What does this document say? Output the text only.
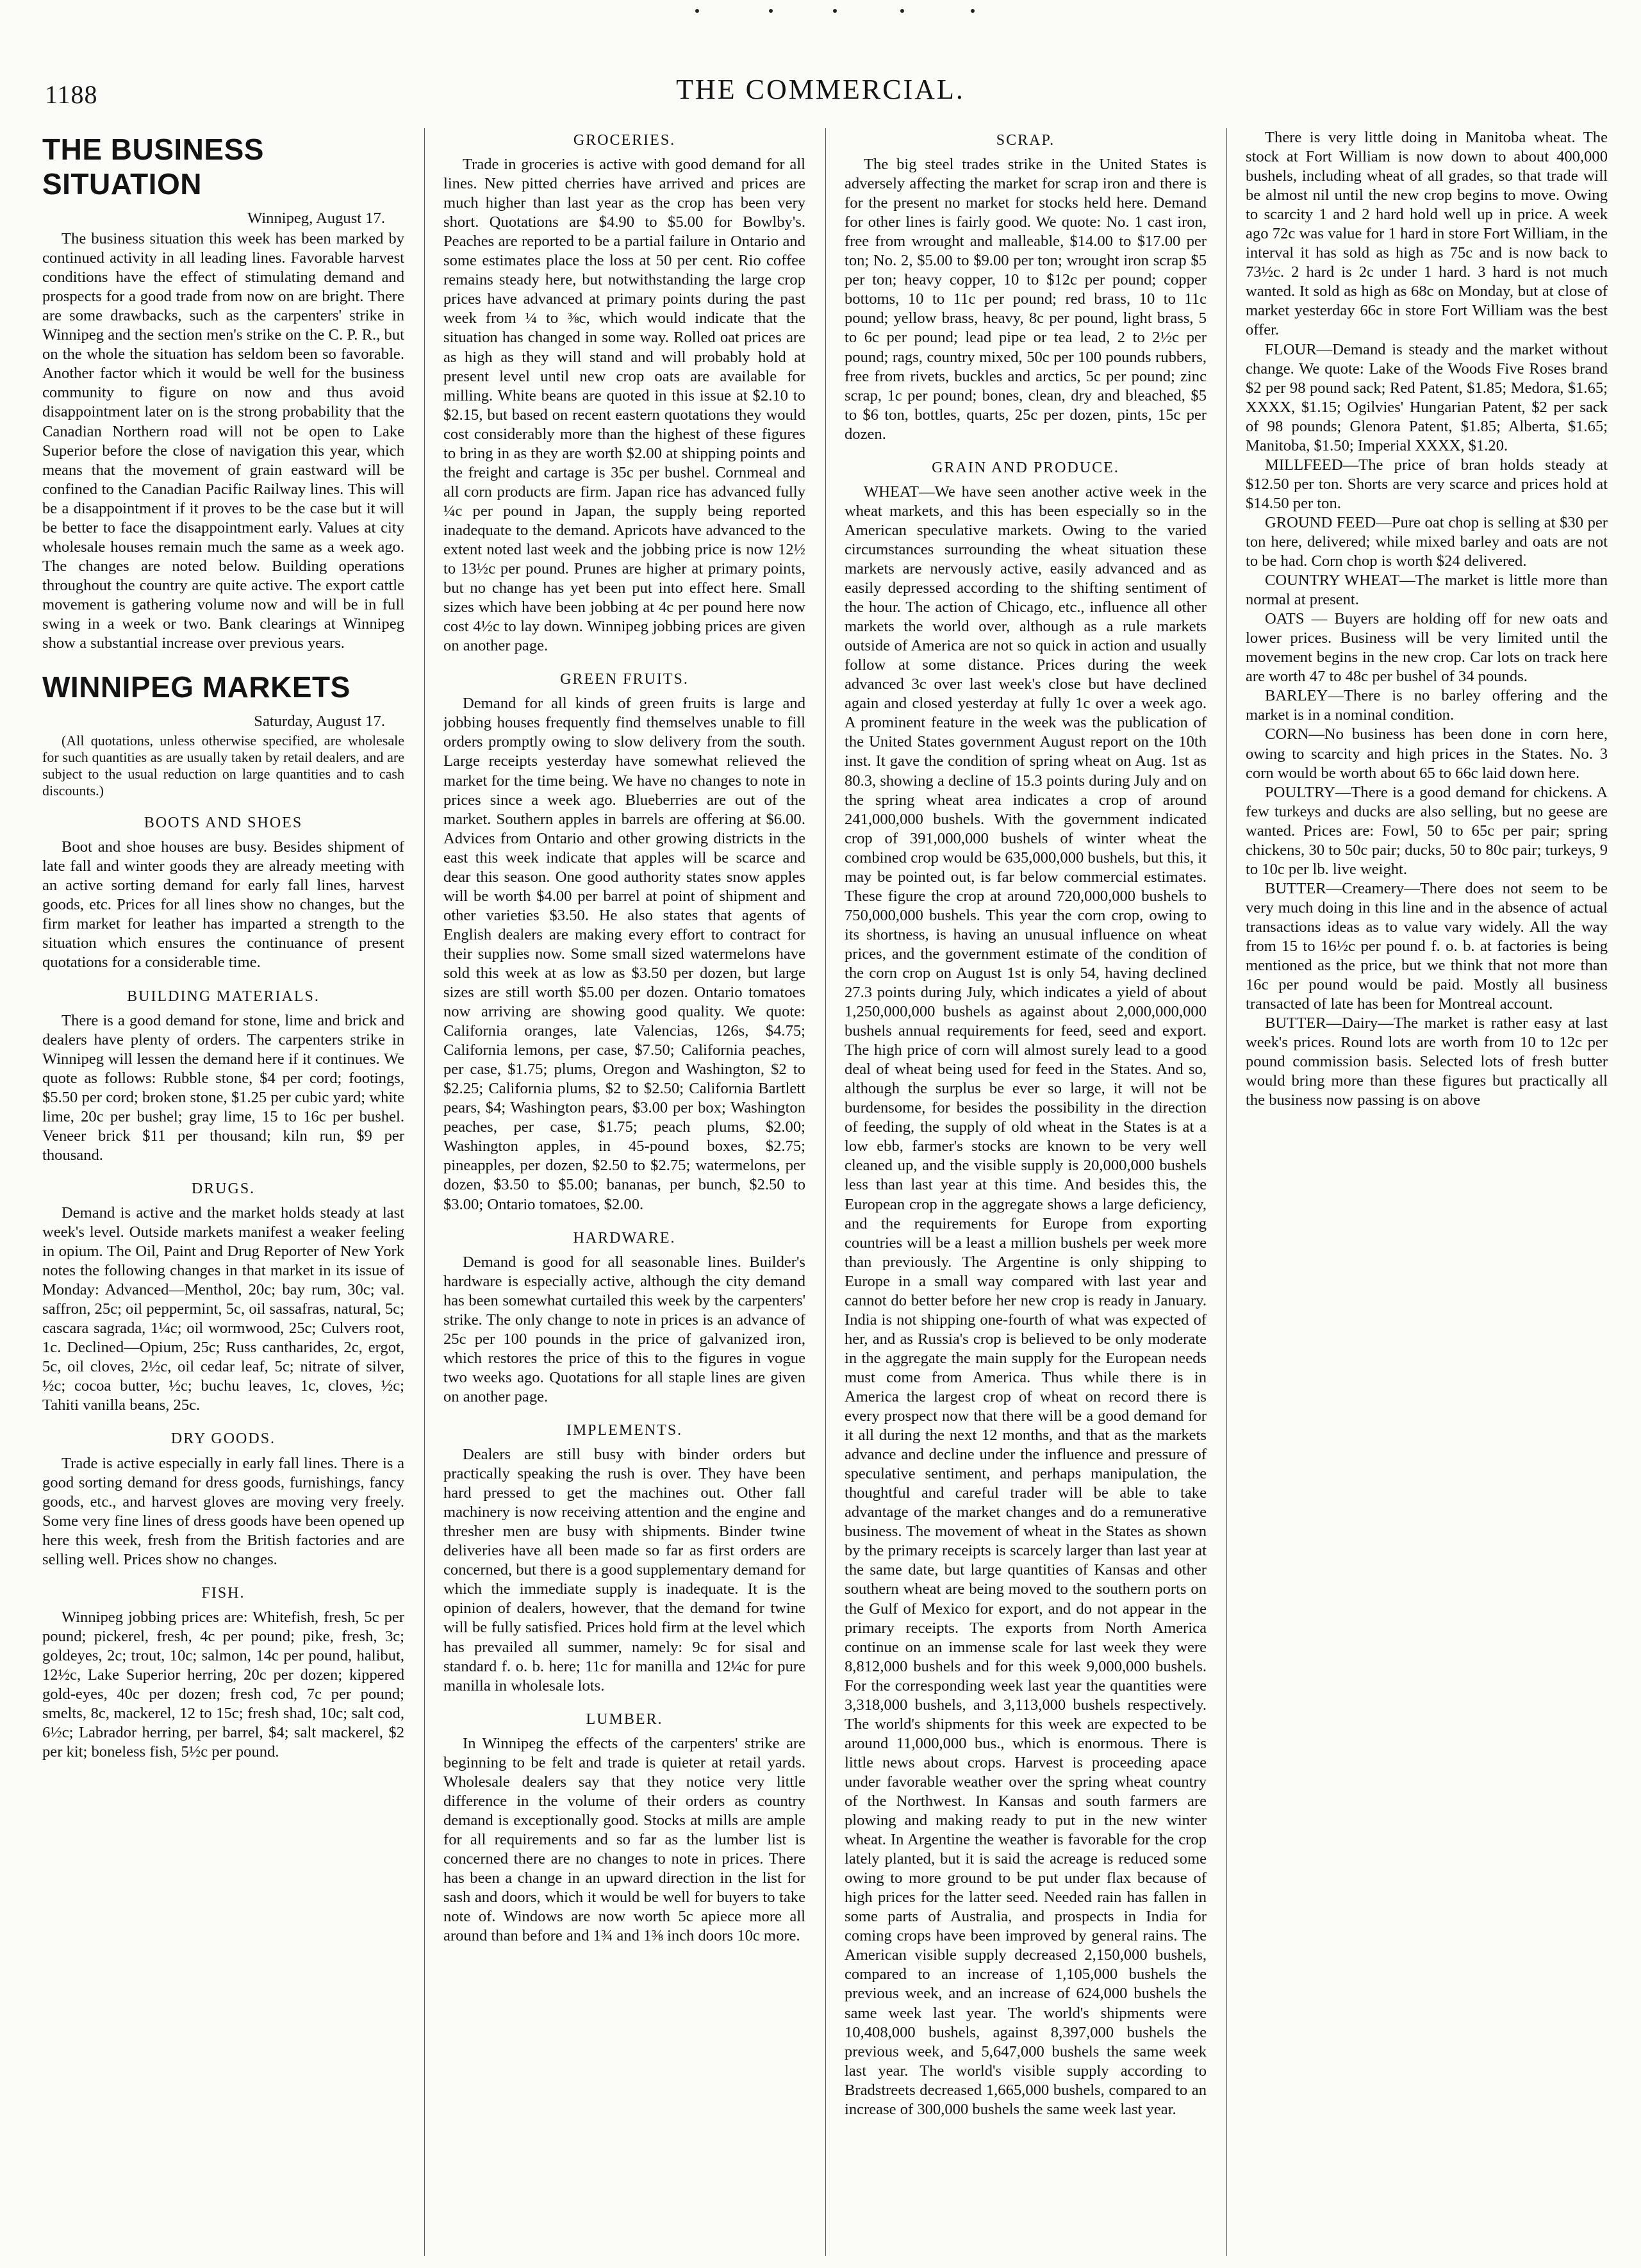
1188	THE COMMERCIAL.
THE BUSINESS SITUATION
Winnipeg, August 17.

The business situation this week has been marked by continued activity in all leading lines. Favorable harvest conditions have the effect of stimulating demand and prospects for a good trade from now on are bright. There are some drawbacks, such as the carpenters' strike in Winnipeg and the section men's strike on the C. P. R., but on the whole the situation has seldom been so favorable. Another factor which it would be well for the business community to figure on now and thus avoid disappointment later on is the strong probability that the Canadian Northern road will not be open to Lake Superior before the close of navigation this year, which means that the movement of grain eastward will be confined to the Canadian Pacific Railway lines. This will be a disappointment if it proves to be the case but it will be better to face the disappointment early. Values at city wholesale houses remain much the same as a week ago. The changes are noted below. Building operations throughout the country are quite active. The export cattle movement is gathering volume now and will be in full swing in a week or two. Bank clearings at Winnipeg show a substantial increase over previous years.

WINNIPEG MARKETS
Saturday, August 17.

(All quotations, unless otherwise specified, are wholesale for such quantities as are usually taken by retail dealers, and are subject to the usual reduction on large quantities and to cash discounts.)

BOOTS AND SHOES

Boot and shoe houses are busy. Besides shipment of late fall and winter goods they are already meeting with an active sorting demand for early fall lines, harvest goods, etc. Prices for all lines show no changes, but the firm market for leather has imparted a strength to the situation which ensures the continuance of present quotations for a considerable time.

BUILDING MATERIALS.

There is a good demand for stone, lime and brick and dealers have plenty of orders. The carpenters strike in Winnipeg will lessen the demand here if it continues. We quote as follows: Rubble stone, $4 per cord; footings, $5.50 per cord; broken stone, $1.25 per cubic yard; white lime, 20c per bushel; gray lime, 15 to 16c per bushel. Veneer brick $11 per thousand; kiln run, $9 per thousand.

DRUGS.

Demand is active and the market holds steady at last week's level. Outside markets manifest a weaker feeling in opium. The Oil, Paint and Drug Reporter of New York notes the following changes in that market in its issue of Monday: Advanced—Menthol, 20c; bay rum, 30c; val. saffron, 25c; oil peppermint, 5c, oil sassafras, natural, 5c; cascara sagrada, 1¼c; oil wormwood, 25c; Culvers root, 1c. Declined—Opium, 25c; Russ cantharides, 2c, ergot, 5c, oil cloves, 2½c, oil cedar leaf, 5c; nitrate of silver, ½c; cocoa butter, ½c; buchu leaves, 1c, cloves, ½c; Tahiti vanilla beans, 25c.

DRY GOODS.

Trade is active especially in early fall lines. There is a good sorting demand for dress goods, furnishings, fancy goods, etc., and harvest gloves are moving very freely. Some very fine lines of dress goods have been opened up here this week, fresh from the British factories and are selling well. Prices show no changes.

FISH.

Winnipeg jobbing prices are: Whitefish, fresh, 5c per pound; pickerel, fresh, 4c per pound; pike, fresh, 3c; goldeyes, 2c; trout, 10c; salmon, 14c per pound, halibut, 12½c, Lake Superior herring, 20c per dozen; kippered gold-eyes, 40c per dozen; fresh cod, 7c per pound; smelts, 8c, mackerel, 12 to 15c; fresh shad, 10c; salt cod, 6½c; Labrador herring, per barrel, $4; salt mackerel, $2 per kit; boneless fish, 5½c per pound.

GROCERIES.

Trade in groceries is active with good demand for all lines. New pitted cherries have arrived and prices are much higher than last year as the crop has been very short. Quotations are $4.90 to $5.00 for Bowlby's. Peaches are reported to be a partial failure in Ontario and some estimates place the loss at 50 per cent. Rio coffee remains steady here, but notwithstanding the large crop prices have advanced at primary points during the past week from ¼ to ⅜c, which would indicate that the situation has changed in some way. Rolled oat prices are as high as they will stand and will probably hold at present level until new crop oats are available for milling. White beans are quoted in this issue at $2.10 to $2.15, but based on recent eastern quotations they would cost considerably more than the highest of these figures to bring in as they are worth $2.00 at shipping points and the freight and cartage is 35c per bushel. Cornmeal and all corn products are firm. Japan rice has advanced fully ¼c per pound in Japan, the supply being reported inadequate to the demand. Apricots have advanced to the extent noted last week and the jobbing price is now 12½ to 13½c per pound. Prunes are higher at primary points, but no change has yet been put into effect here. Small sizes which have been jobbing at 4c per pound here now cost 4½c to lay down. Winnipeg jobbing prices are given on another page.

GREEN FRUITS.

Demand for all kinds of green fruits is large and jobbing houses frequently find themselves unable to fill orders promptly owing to slow delivery from the south. Large receipts yesterday have somewhat relieved the market for the time being. We have no changes to note in prices since a week ago. Blueberries are out of the market. Southern apples in barrels are offering at $6.00. Advices from Ontario and other growing districts in the east this week indicate that apples will be scarce and dear this season. One good authority states snow apples will be worth $4.00 per barrel at point of shipment and other varieties $3.50. He also states that agents of English dealers are making every effort to contract for their supplies now. Some small sized watermelons have sold this week at as low as $3.50 per dozen, but large sizes are still worth $5.00 per dozen. Ontario tomatoes now arriving are showing good quality. We quote: California oranges, late Valencias, 126s, $4.75; California lemons, per case, $7.50; California peaches, per case, $1.75; plums, Oregon and Washington, $2 to $2.25; California plums, $2 to $2.50; California Bartlett pears, $4; Washington pears, $3.00 per box; Washington peaches, per case, $1.75; peach plums, $2.00; Washington apples, in 45-pound boxes, $2.75; pineapples, per dozen, $2.50 to $2.75; watermelons, per dozen, $3.50 to $5.00; bananas, per bunch, $2.50 to $3.00; Ontario tomatoes, $2.00.

HARDWARE.

Demand is good for all seasonable lines. Builder's hardware is especially active, although the city demand has been somewhat curtailed this week by the carpenters' strike. The only change to note in prices is an advance of 25c per 100 pounds in the price of galvanized iron, which restores the price of this to the figures in vogue two weeks ago. Quotations for all staple lines are given on another page.

IMPLEMENTS.

Dealers are still busy with binder orders but practically speaking the rush is over. They have been hard pressed to get the machines out. Other fall machinery is now receiving attention and the engine and thresher men are busy with shipments. Binder twine deliveries have all been made so far as first orders are concerned, but there is a good supplementary demand for which the immediate supply is inadequate. It is the opinion of dealers, however, that the demand for twine will be fully satisfied. Prices hold firm at the level which has prevailed all summer, namely: 9c for sisal and standard f. o. b. here; 11c for manilla and 12¼c for pure manilla in wholesale lots.

LUMBER.

In Winnipeg the effects of the carpenters' strike are beginning to be felt and trade is quieter at retail yards. Wholesale dealers say that they notice very little difference in the volume of their orders as country demand is exceptionally good. Stocks at mills are ample for all requirements and so far as the lumber list is concerned there are no changes to note in prices. There has been a change in an upward direction in the list for sash and doors, which it would be well for buyers to take note of. Windows are now worth 5c apiece more all around than before and 1¾ and 1⅜ inch doors 10c more.

SCRAP.

The big steel trades strike in the United States is adversely affecting the market for scrap iron and there is for the present no market for stocks held here. Demand for other lines is fairly good. We quote: No. 1 cast iron, free from wrought and malleable, $14.00 to $17.00 per ton; No. 2, $5.00 to $9.00 per ton; wrought iron scrap $5 per ton; heavy copper, 10 to $12c per pound; copper bottoms, 10 to 11c per pound; red brass, 10 to 11c pound; yellow brass, heavy, 8c per pound, light brass, 5 to 6c per pound; lead pipe or tea lead, 2 to 2½c per pound; rags, country mixed, 50c per 100 pounds rubbers, free from rivets, buckles and arctics, 5c per pound; zinc scrap, 1c per pound; bones, clean, dry and bleached, $5 to $6 ton, bottles, quarts, 25c per dozen, pints, 15c per dozen.

GRAIN AND PRODUCE.

WHEAT—We have seen another active week in the wheat markets, and this has been especially so in the American speculative markets. Owing to the varied circumstances surrounding the wheat situation these markets are nervously active, easily advanced and as easily depressed according to the shifting sentiment of the hour. The action of Chicago, etc., influence all other markets the world over, although as a rule markets outside of America are not so quick in action and usually follow at some distance. Prices during the week advanced 3c over last week's close but have declined again and closed yesterday at fully 1c over a week ago. A prominent feature in the week was the publication of the United States government August report on the 10th inst. It gave the condition of spring wheat on Aug. 1st as 80.3, showing a decline of 15.3 points during July and on the spring wheat area indicates a crop of around 241,000,000 bushels. With the government indicated crop of 391,000,000 bushels of winter wheat the combined crop would be 635,000,000 bushels, but this, it may be pointed out, is far below commercial estimates. These figure the crop at around 720,000,000 bushels to 750,000,000 bushels. This year the corn crop, owing to its shortness, is having an unusual influence on wheat prices, and the government estimate of the condition of the corn crop on August 1st is only 54, having declined 27.3 points during July, which indicates a yield of about 1,250,000,000 bushels as against about 2,000,000,000 bushels annual requirements for feed, seed and export. The high price of corn will almost surely lead to a good deal of wheat being used for feed in the States. And so, although the surplus be ever so large, it will not be burdensome, for besides the possibility in the direction of feeding, the supply of old wheat in the States is at a low ebb, farmer's stocks are known to be very well cleaned up, and the visible supply is 20,000,000 bushels less than last year at this time. And besides this, the European crop in the aggregate shows a large deficiency, and the requirements for Europe from exporting countries will be a least a million bushels per week more than previously. The Argentine is only shipping to Europe in a small way compared with last year and cannot do better before her new crop is ready in January. India is not shipping one-fourth of what was expected of her, and as Russia's crop is believed to be only moderate in the aggregate the main supply for the European needs must come from America. Thus while there is in America the largest crop of wheat on record there is every prospect now that there will be a good demand for it all during the next 12 months, and that as the markets advance and decline under the influence and pressure of speculative sentiment, and perhaps manipulation, the thoughtful and careful trader will be able to take advantage of the market changes and do a remunerative business. The movement of wheat in the States as shown by the primary receipts is scarcely larger than last year at the same date, but large quantities of Kansas and other southern wheat are being moved to the southern ports on the Gulf of Mexico for export, and do not appear in the primary receipts. The exports from North America continue on an immense scale for last week they were 8,812,000 bushels and for this week 9,000,000 bushels. For the corresponding week last year the quantities were 3,318,000 bushels, and 3,113,000 bushels respectively. The world's shipments for this week are expected to be around 11,000,000 bus., which is enormous. There is little news about crops. Harvest is proceeding apace under favorable weather over the spring wheat country of the Northwest. In Kansas and south farmers are plowing and making ready to put in the new winter wheat. In Argentine the weather is favorable for the crop lately planted, but it is said the acreage is reduced some owing to more ground to be put under flax because of high prices for the latter seed. Needed rain has fallen in some parts of Australia, and prospects in India for coming crops have been improved by general rains. The American visible supply decreased 2,150,000 bushels, compared to an increase of 1,105,000 bushels the previous week, and an increase of 624,000 bushels the same week last year. The world's shipments were 10,408,000 bushels, against 8,397,000 bushels the previous week, and 5,647,000 bushels the same week last year. The world's visible supply according to Bradstreets decreased 1,665,000 bushels, compared to an increase of 300,000 bushels the same week last year.

There is very little doing in Manitoba wheat. The stock at Fort William is now down to about 400,000 bushels, including wheat of all grades, so that trade will be almost nil until the new crop begins to move. Owing to scarcity 1 and 2 hard hold well up in price. A week ago 72c was value for 1 hard in store Fort William, in the interval it has sold as high as 75c and is now back to 73½c. 2 hard is 2c under 1 hard. 3 hard is not much wanted. It sold as high as 68c on Monday, but at close of market yesterday 66c in store Fort William was the best offer.

FLOUR—Demand is steady and the market without change. We quote: Lake of the Woods Five Roses brand $2 per 98 pound sack; Red Patent, $1.85; Medora, $1.65; XXXX, $1.15; Ogilvies' Hungarian Patent, $2 per sack of 98 pounds; Glenora Patent, $1.85; Alberta, $1.65; Manitoba, $1.50; Imperial XXXX, $1.20.

MILLFEED—The price of bran holds steady at $12.50 per ton. Shorts are very scarce and prices hold at $14.50 per ton.

GROUND FEED—Pure oat chop is selling at $30 per ton here, delivered; while mixed barley and oats are not to be had. Corn chop is worth $24 delivered.

COUNTRY WHEAT—The market is little more than normal at present.

OATS — Buyers are holding off for new oats and lower prices. Business will be very limited until the movement begins in the new crop. Car lots on track here are worth 47 to 48c per bushel of 34 pounds.

BARLEY—There is no barley offering and the market is in a nominal condition.

CORN—No business has been done in corn here, owing to scarcity and high prices in the States. No. 3 corn would be worth about 65 to 66c laid down here.

POULTRY—There is a good demand for chickens. A few turkeys and ducks are also selling, but no geese are wanted. Prices are: Fowl, 50 to 65c per pair; spring chickens, 30 to 50c pair; ducks, 50 to 80c pair; turkeys, 9 to 10c per lb. live weight.

BUTTER—Creamery—There does not seem to be very much doing in this line and in the absence of actual transactions ideas as to value vary widely. All the way from 15 to 16½c per pound f. o. b. at factories is being mentioned as the price, but we think that not more than 16c per pound would be paid. Mostly all business transacted of late has been for Montreal account.

BUTTER—Dairy—The market is rather easy at last week's prices. Round lots are worth from 10 to 12c per pound commission basis. Selected lots of fresh butter would bring more than these figures but practically all the business now passing is on above
